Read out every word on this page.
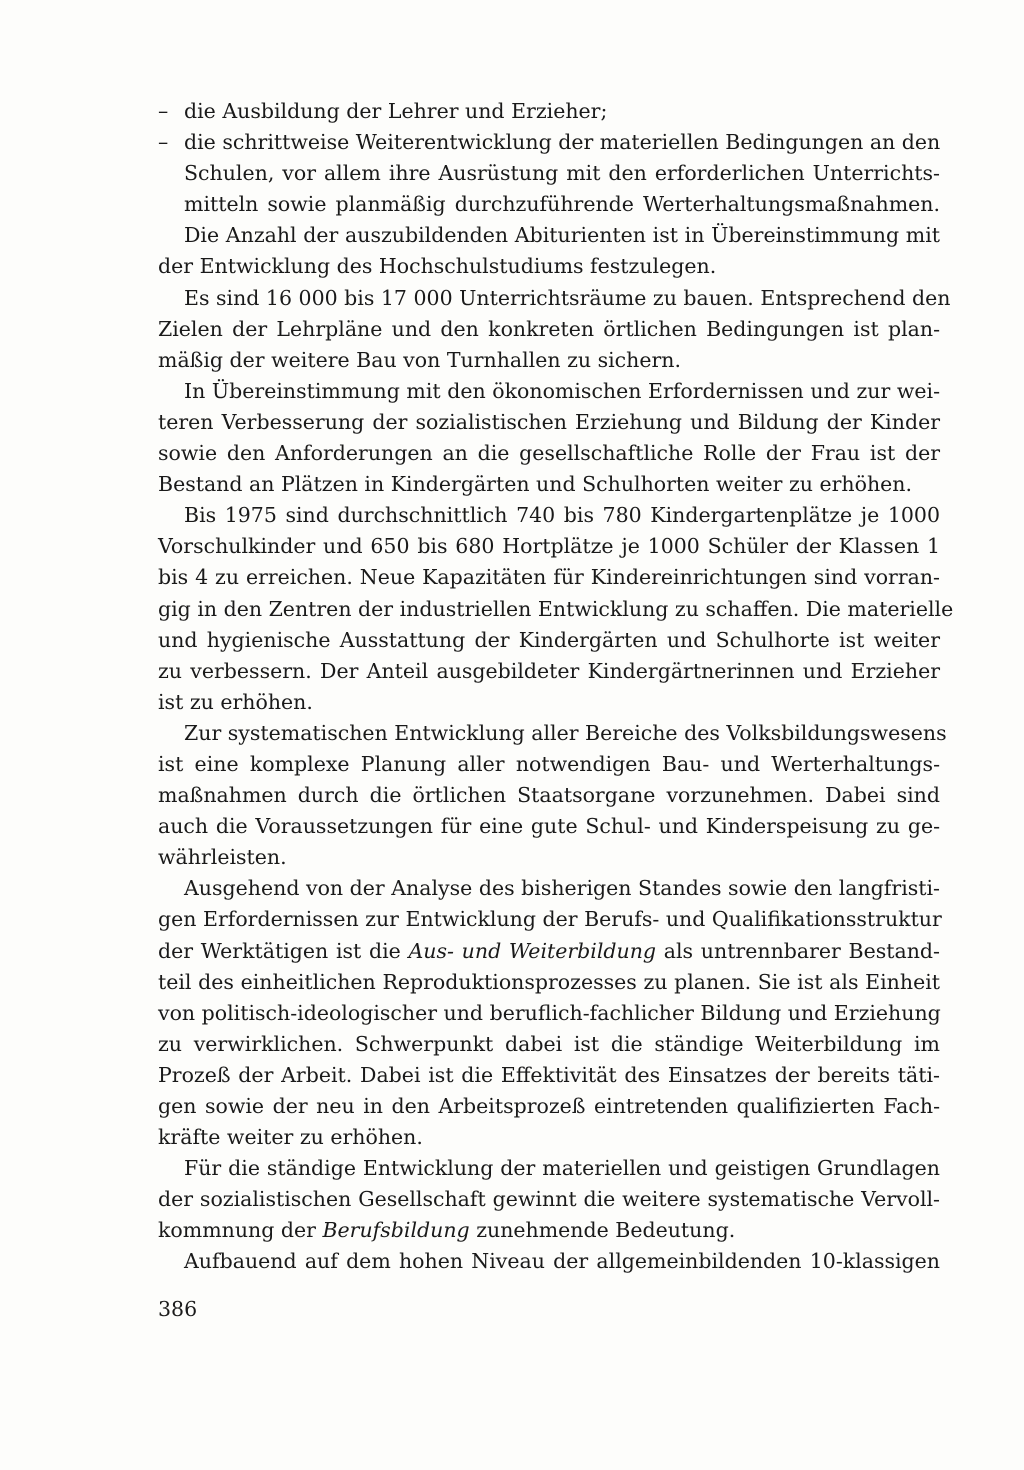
– die Ausbildung der Lehrer und Erzieher;
– die schrittweise Weiterentwicklung der materiellen Bedingungen an den
Schulen, vor allem ihre Ausrüstung mit den erforderlichen Unterrichts-
mitteln sowie planmäßig durchzuführende Werterhaltungsmaßnahmen.
Die Anzahl der auszubildenden Abiturienten ist in Übereinstimmung mit
der Entwicklung des Hochschulstudiums festzulegen.
Es sind 16 000 bis 17 000 Unterrichtsräume zu bauen. Entsprechend den
Zielen der Lehrpläne und den konkreten örtlichen Bedingungen ist plan-
mäßig der weitere Bau von Turnhallen zu sichern.
In Übereinstimmung mit den ökonomischen Erfordernissen und zur wei-
teren Verbesserung der sozialistischen Erziehung und Bildung der Kinder
sowie den Anforderungen an die gesellschaftliche Rolle der Frau ist der
Bestand an Plätzen in Kindergärten und Schulhorten weiter zu erhöhen.
Bis 1975 sind durchschnittlich 740 bis 780 Kindergartenplätze je 1000
Vorschulkinder und 650 bis 680 Hortplätze je 1000 Schüler der Klassen 1
bis 4 zu erreichen. Neue Kapazitäten für Kindereinrichtungen sind vorran-
gig in den Zentren der industriellen Entwicklung zu schaffen. Die materielle
und hygienische Ausstattung der Kindergärten und Schulhorte ist weiter
zu verbessern. Der Anteil ausgebildeter Kindergärtnerinnen und Erzieher
ist zu erhöhen.
Zur systematischen Entwicklung aller Bereiche des Volksbildungswesens
ist eine komplexe Planung aller notwendigen Bau- und Werterhaltungs-
maßnahmen durch die örtlichen Staatsorgane vorzunehmen. Dabei sind
auch die Voraussetzungen für eine gute Schul- und Kinderspeisung zu ge-
währleisten.
Ausgehend von der Analyse des bisherigen Standes sowie den langfristi-
gen Erfordernissen zur Entwicklung der Berufs- und Qualifikationsstruktur
der Werktätigen ist die Aus- und Weiterbildung als untrennbarer Bestand-
teil des einheitlichen Reproduktionsprozesses zu planen. Sie ist als Einheit
von politisch-ideologischer und beruflich-fachlicher Bildung und Erziehung
zu verwirklichen. Schwerpunkt dabei ist die ständige Weiterbildung im
Prozeß der Arbeit. Dabei ist die Effektivität des Einsatzes der bereits täti-
gen sowie der neu in den Arbeitsprozeß eintretenden qualifizierten Fach-
kräfte weiter zu erhöhen.
Für die ständige Entwicklung der materiellen und geistigen Grundlagen
der sozialistischen Gesellschaft gewinnt die weitere systematische Vervoll-
kommnung der Berufsbildung zunehmende Bedeutung.
Aufbauend auf dem hohen Niveau der allgemeinbildenden 10-klassigen
386
